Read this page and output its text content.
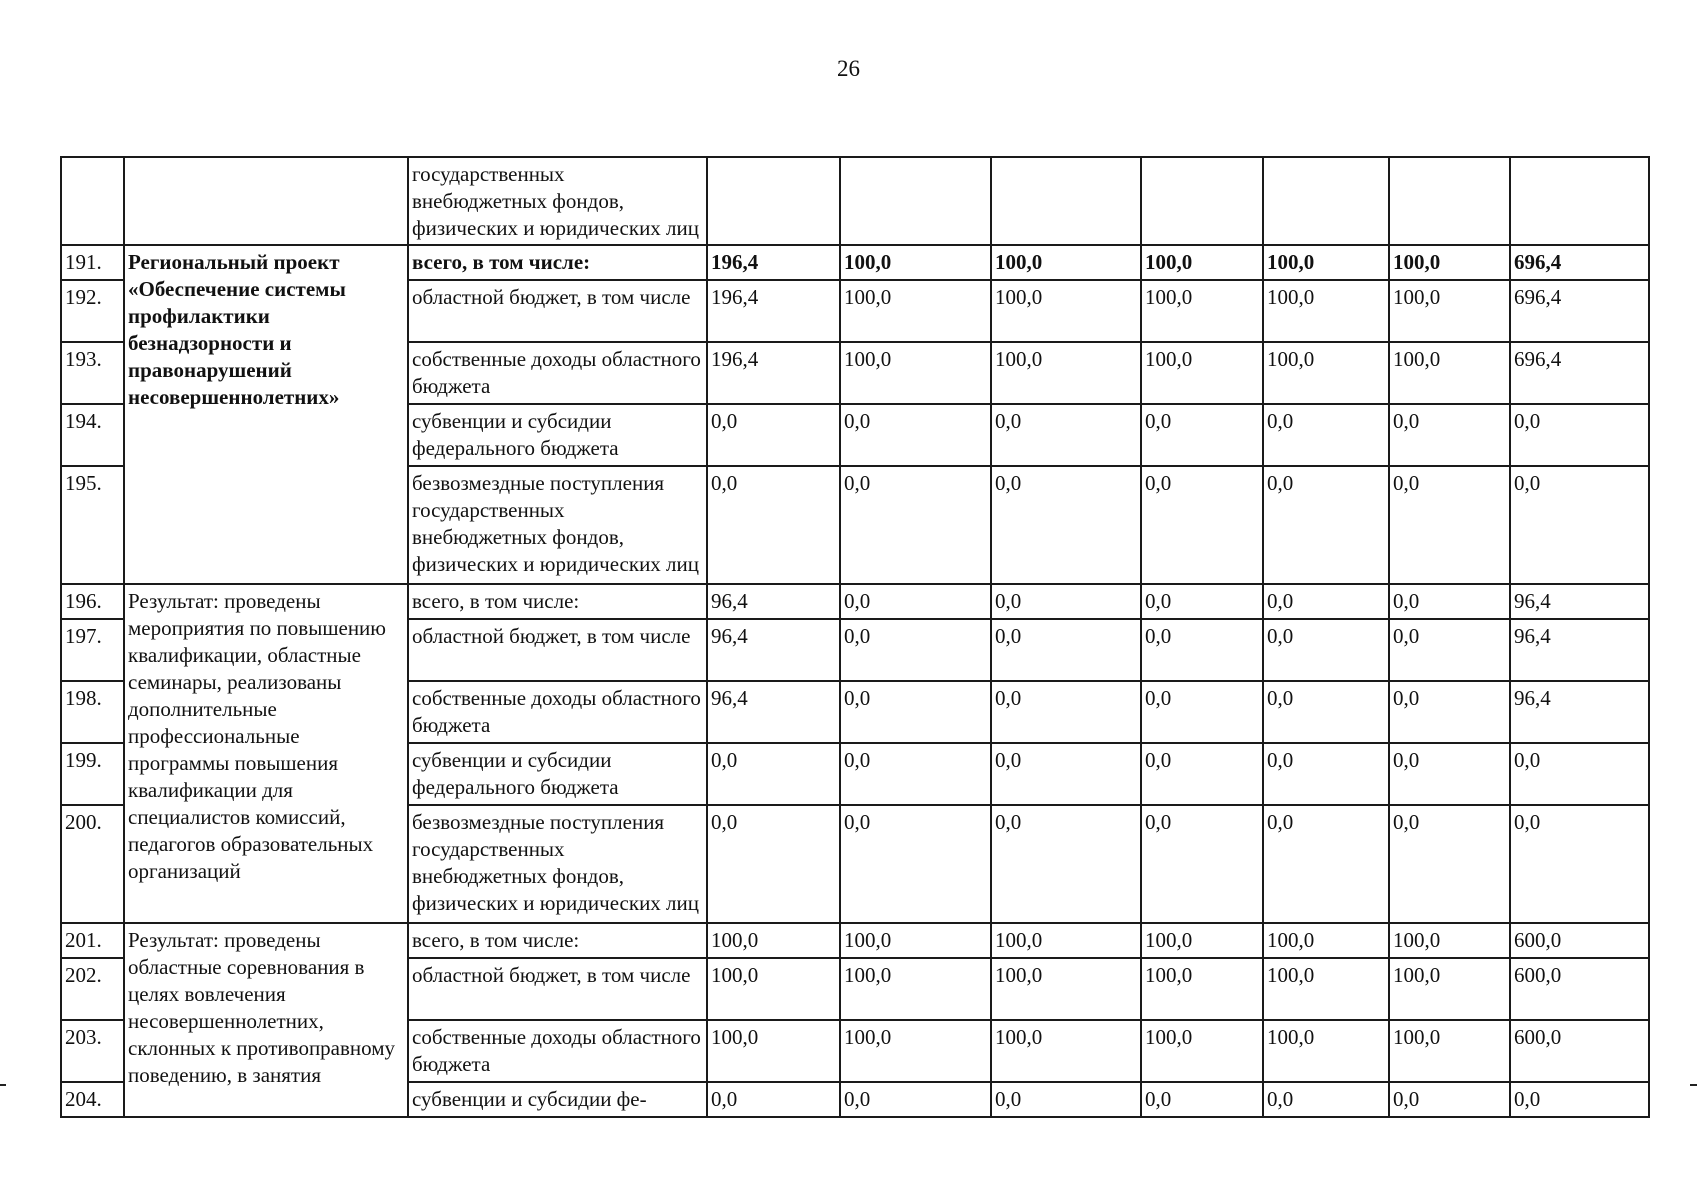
26
		государственных внебюджетных фондов, физических и юридических лиц							
191.	Региональный проект «Обеспечение системы профилактики безнадзорности и правонарушений несовершеннолетних»	всего, в том числе:	196,4	100,0	100,0	100,0	100,0	100,0	696,4
192.		областной бюджет, в том числе	196,4	100,0	100,0	100,0	100,0	100,0	696,4
193.		собственные доходы областного бюджета	196,4	100,0	100,0	100,0	100,0	100,0	696,4
194.		субвенции и субсидии федерального бюджета	0,0	0,0	0,0	0,0	0,0	0,0	0,0
195.		безвозмездные поступления государственных внебюджетных фондов, физических и юридических лиц	0,0	0,0	0,0	0,0	0,0	0,0	0,0
196.	Результат: проведены мероприятия по повышению квалификации, областные семинары, реализованы дополнительные профессиональные программы повышения квалификации для специалистов комиссий, педагогов образовательных организаций	всего, в том числе:	96,4	0,0	0,0	0,0	0,0	0,0	96,4
197.		областной бюджет, в том числе	96,4	0,0	0,0	0,0	0,0	0,0	96,4
198.		собственные доходы областного бюджета	96,4	0,0	0,0	0,0	0,0	0,0	96,4
199.		субвенции и субсидии федерального бюджета	0,0	0,0	0,0	0,0	0,0	0,0	0,0
200.		безвозмездные поступления государственных внебюджетных фондов, физических и юридических лиц	0,0	0,0	0,0	0,0	0,0	0,0	0,0
201.	Результат: проведены областные соревнования в целях вовлечения несовершеннолетних, склонных к противоправному поведению, в занятия	всего, в том числе:	100,0	100,0	100,0	100,0	100,0	100,0	600,0
202.		областной бюджет, в том числе	100,0	100,0	100,0	100,0	100,0	100,0	600,0
203.		собственные доходы областного бюджета	100,0	100,0	100,0	100,0	100,0	100,0	600,0
204.		субвенции и субсидии фе-	0,0	0,0	0,0	0,0	0,0	0,0	0,0
